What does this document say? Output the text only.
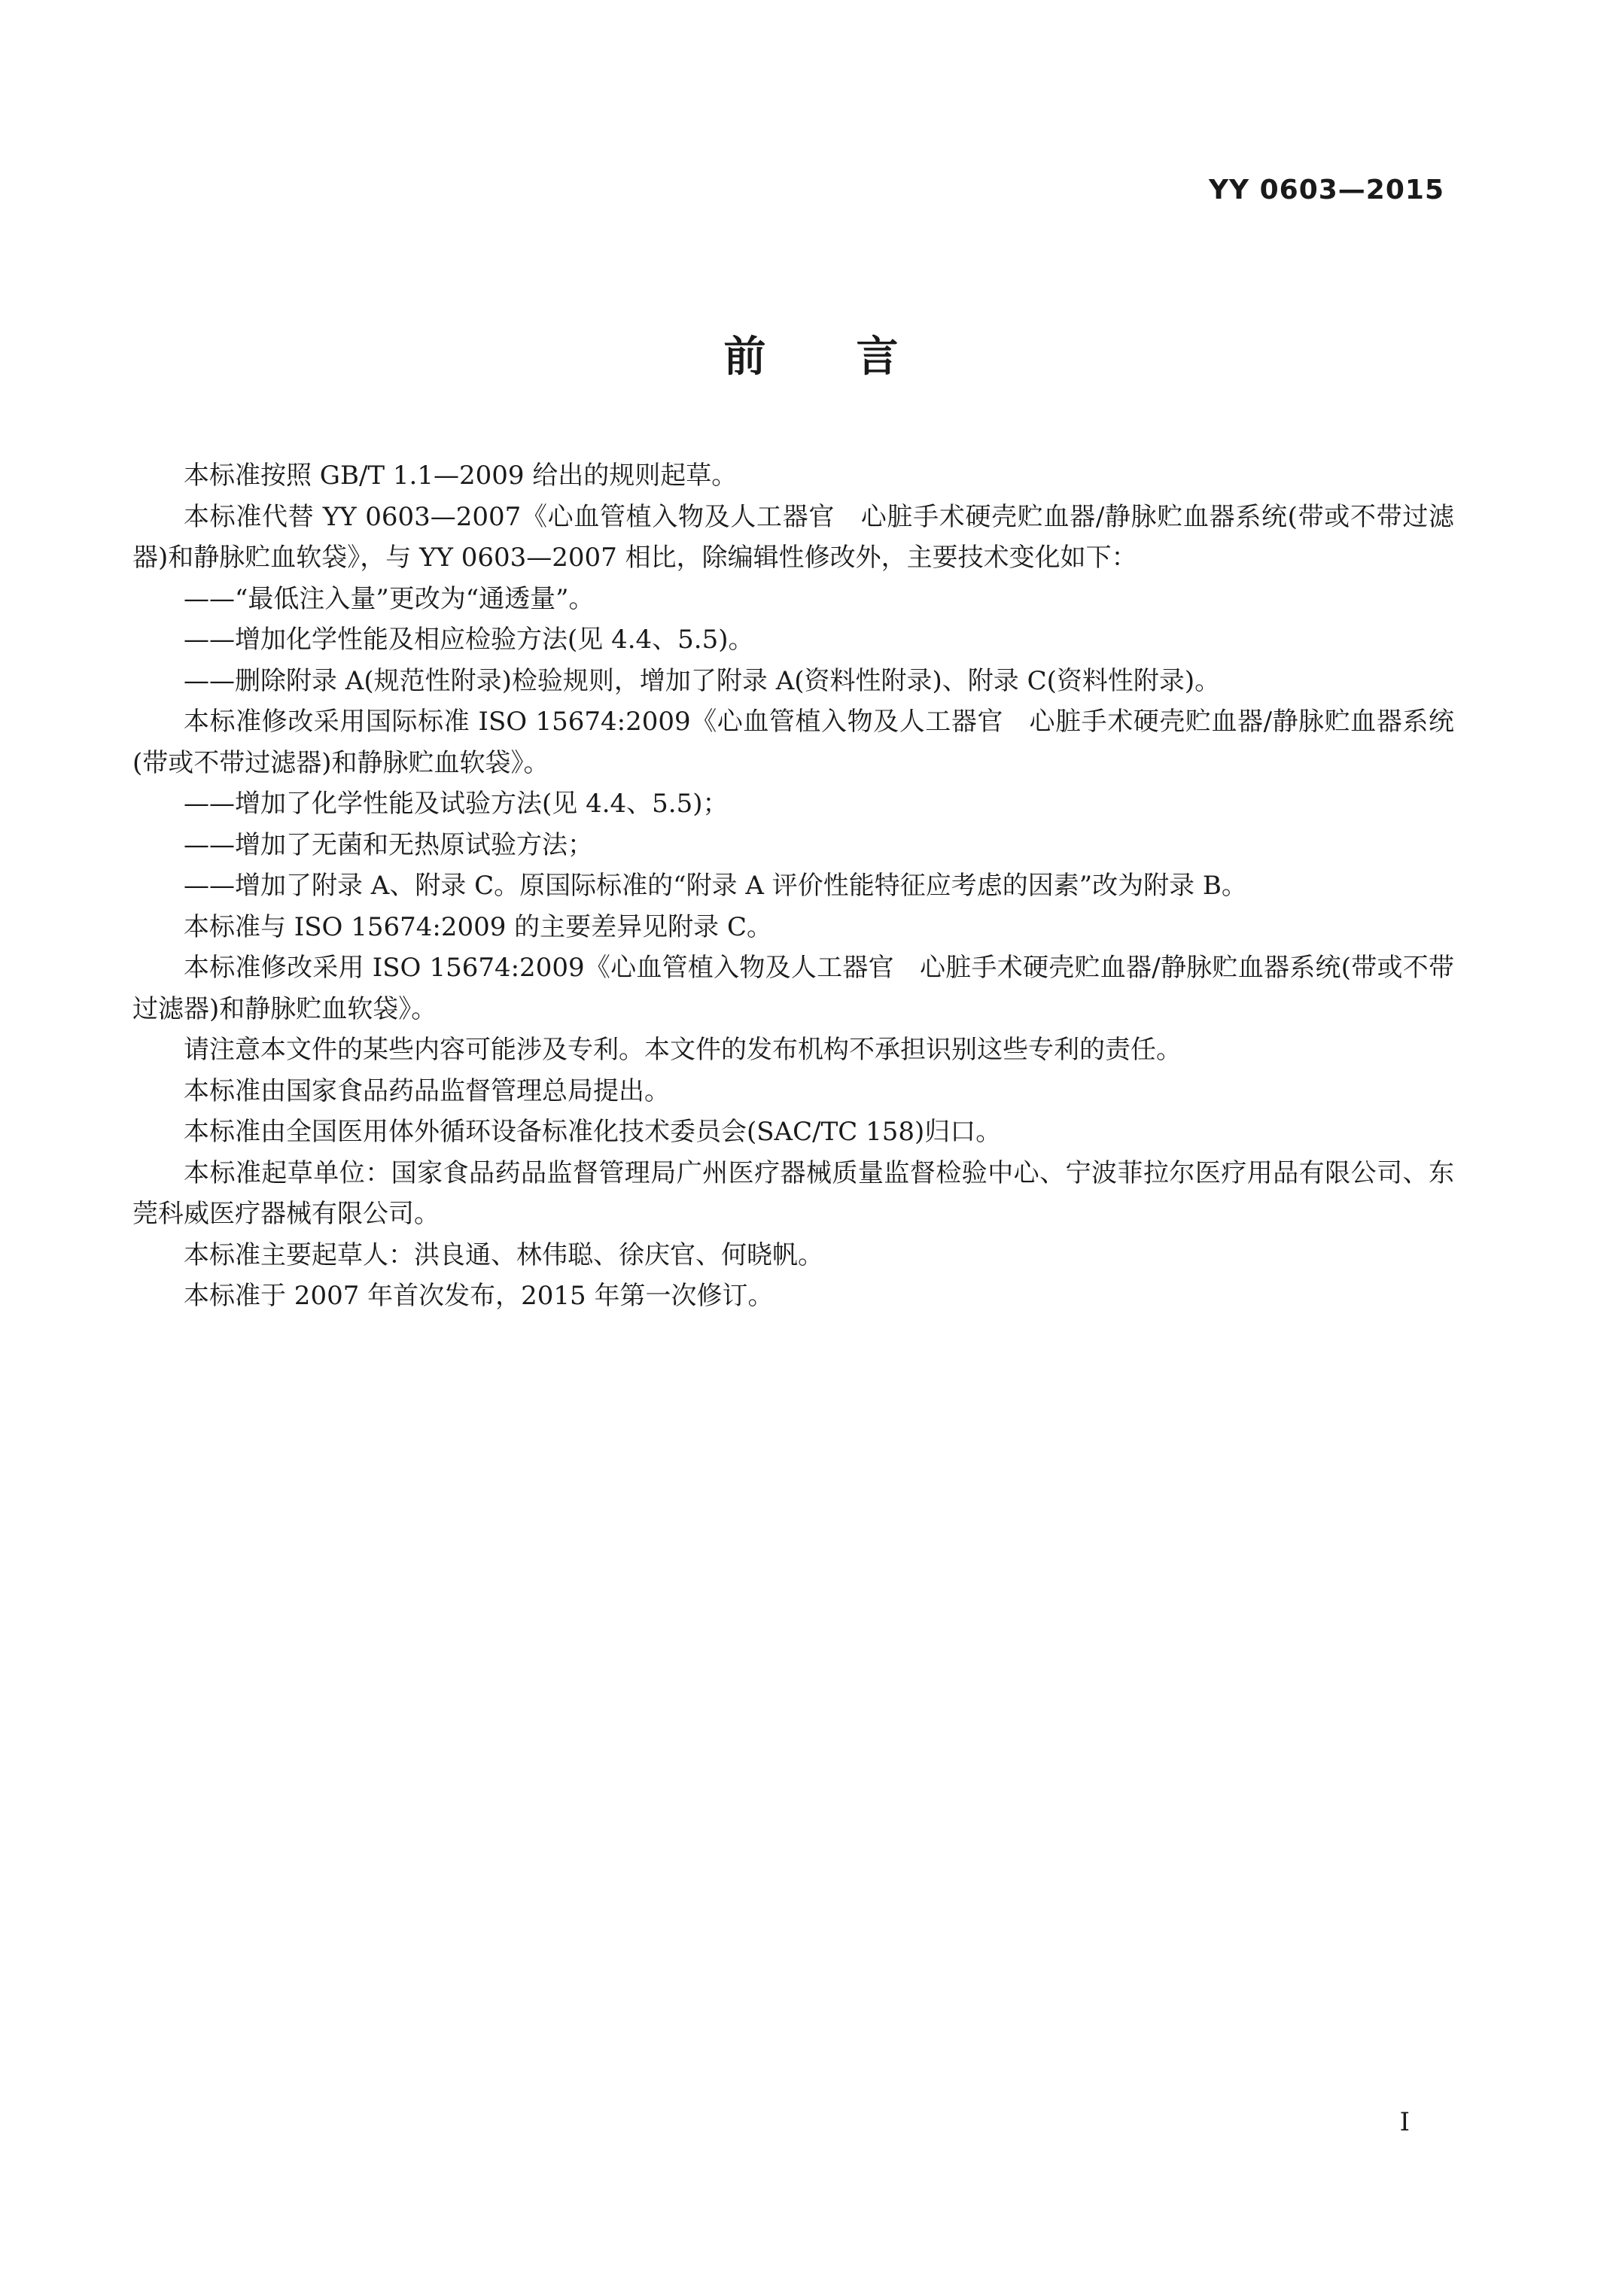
YY 0603—2015
前言

本标准按照 GB/T 1.1—2009 给出的规则起草。

本标准代替 YY 0603—2007《心血管植入物及人工器官　心脏手术硬壳贮血器/静脉贮血器系统(带或不带过滤器)和静脉贮血软袋》，与 YY 0603—2007 相比，除编辑性修改外，主要技术变化如下：

——“最低注入量”更改为“通透量”。

——增加化学性能及相应检验方法(见 4.4、5.5)。

——删除附录 A(规范性附录)检验规则，增加了附录 A(资料性附录)、附录 C(资料性附录)。

本标准修改采用国际标准 ISO 15674:2009《心血管植入物及人工器官　心脏手术硬壳贮血器/静脉贮血器系统(带或不带过滤器)和静脉贮血软袋》。

——增加了化学性能及试验方法(见 4.4、5.5)；

——增加了无菌和无热原试验方法；

——增加了附录 A、附录 C。原国际标准的“附录 A 评价性能特征应考虑的因素”改为附录 B。

本标准与 ISO 15674:2009 的主要差异见附录 C。

本标准修改采用 ISO 15674:2009《心血管植入物及人工器官　心脏手术硬壳贮血器/静脉贮血器系统(带或不带过滤器)和静脉贮血软袋》。

请注意本文件的某些内容可能涉及专利。本文件的发布机构不承担识别这些专利的责任。

本标准由国家食品药品监督管理总局提出。

本标准由全国医用体外循环设备标准化技术委员会(SAC/TC 158)归口。

本标准起草单位：国家食品药品监督管理局广州医疗器械质量监督检验中心、宁波菲拉尔医疗用品有限公司、东莞科威医疗器械有限公司。

本标准主要起草人：洪良通、林伟聪、徐庆官、何晓帆。

本标准于 2007 年首次发布，2015 年第一次修订。

I
